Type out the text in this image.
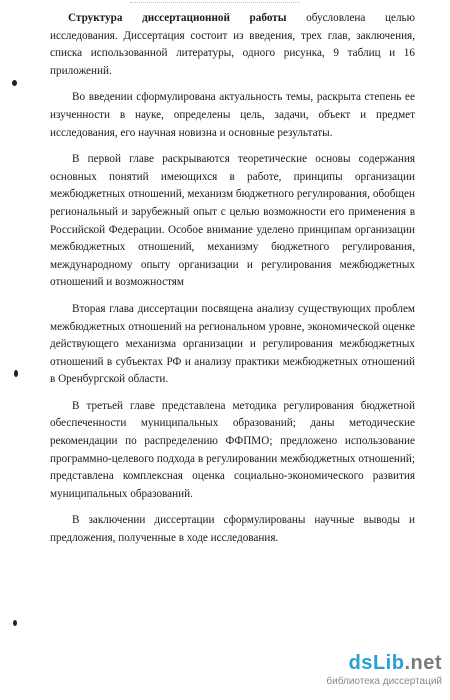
Структура диссертационной работы обусловлена целью исследования. Диссертация состоит из введения, трех глав, заключения, списка использованной литературы, одного рисунка, 9 таблиц и 16 приложений.

Во введении сформулирована актуальность темы, раскрыта степень ее изученности в науке, определены цель, задачи, объект и предмет исследования, его научная новизна и основные результаты.

В первой главе раскрываются теоретические основы содержания основных понятий имеющихся в работе, принципы организации межбюджетных отношений, механизм бюджетного регулирования, обобщен региональный и зарубежный опыт с целью возможности его применения в Российской Федерации. Особое внимание уделено принципам организации межбюджетных отношений, механизму бюджетного регулирования, международному опыту организации и регулирования межбюджетных отношений и возможностям

Вторая глава диссертации посвящена анализу существующих проблем межбюджетных отношений на региональном уровне, экономической оценке действующего механизма организации и регулирования межбюджетных отношений в субъектах РФ и анализу практики межбюджетных отношений в Оренбургской области.

В третьей главе представлена методика регулирования бюджетной обеспеченности муниципальных образований; даны методические рекомендации по распределению ФФПМО; предложено использование программно-целевого подхода в регулировании межбюджетных отношений; представлена комплексная оценка социально-экономического развития муниципальных образований.

В заключении диссертации сформулированы научные выводы и предложения, полученные в ходе исследования.

dsLib.net
библиотека диссертаций
